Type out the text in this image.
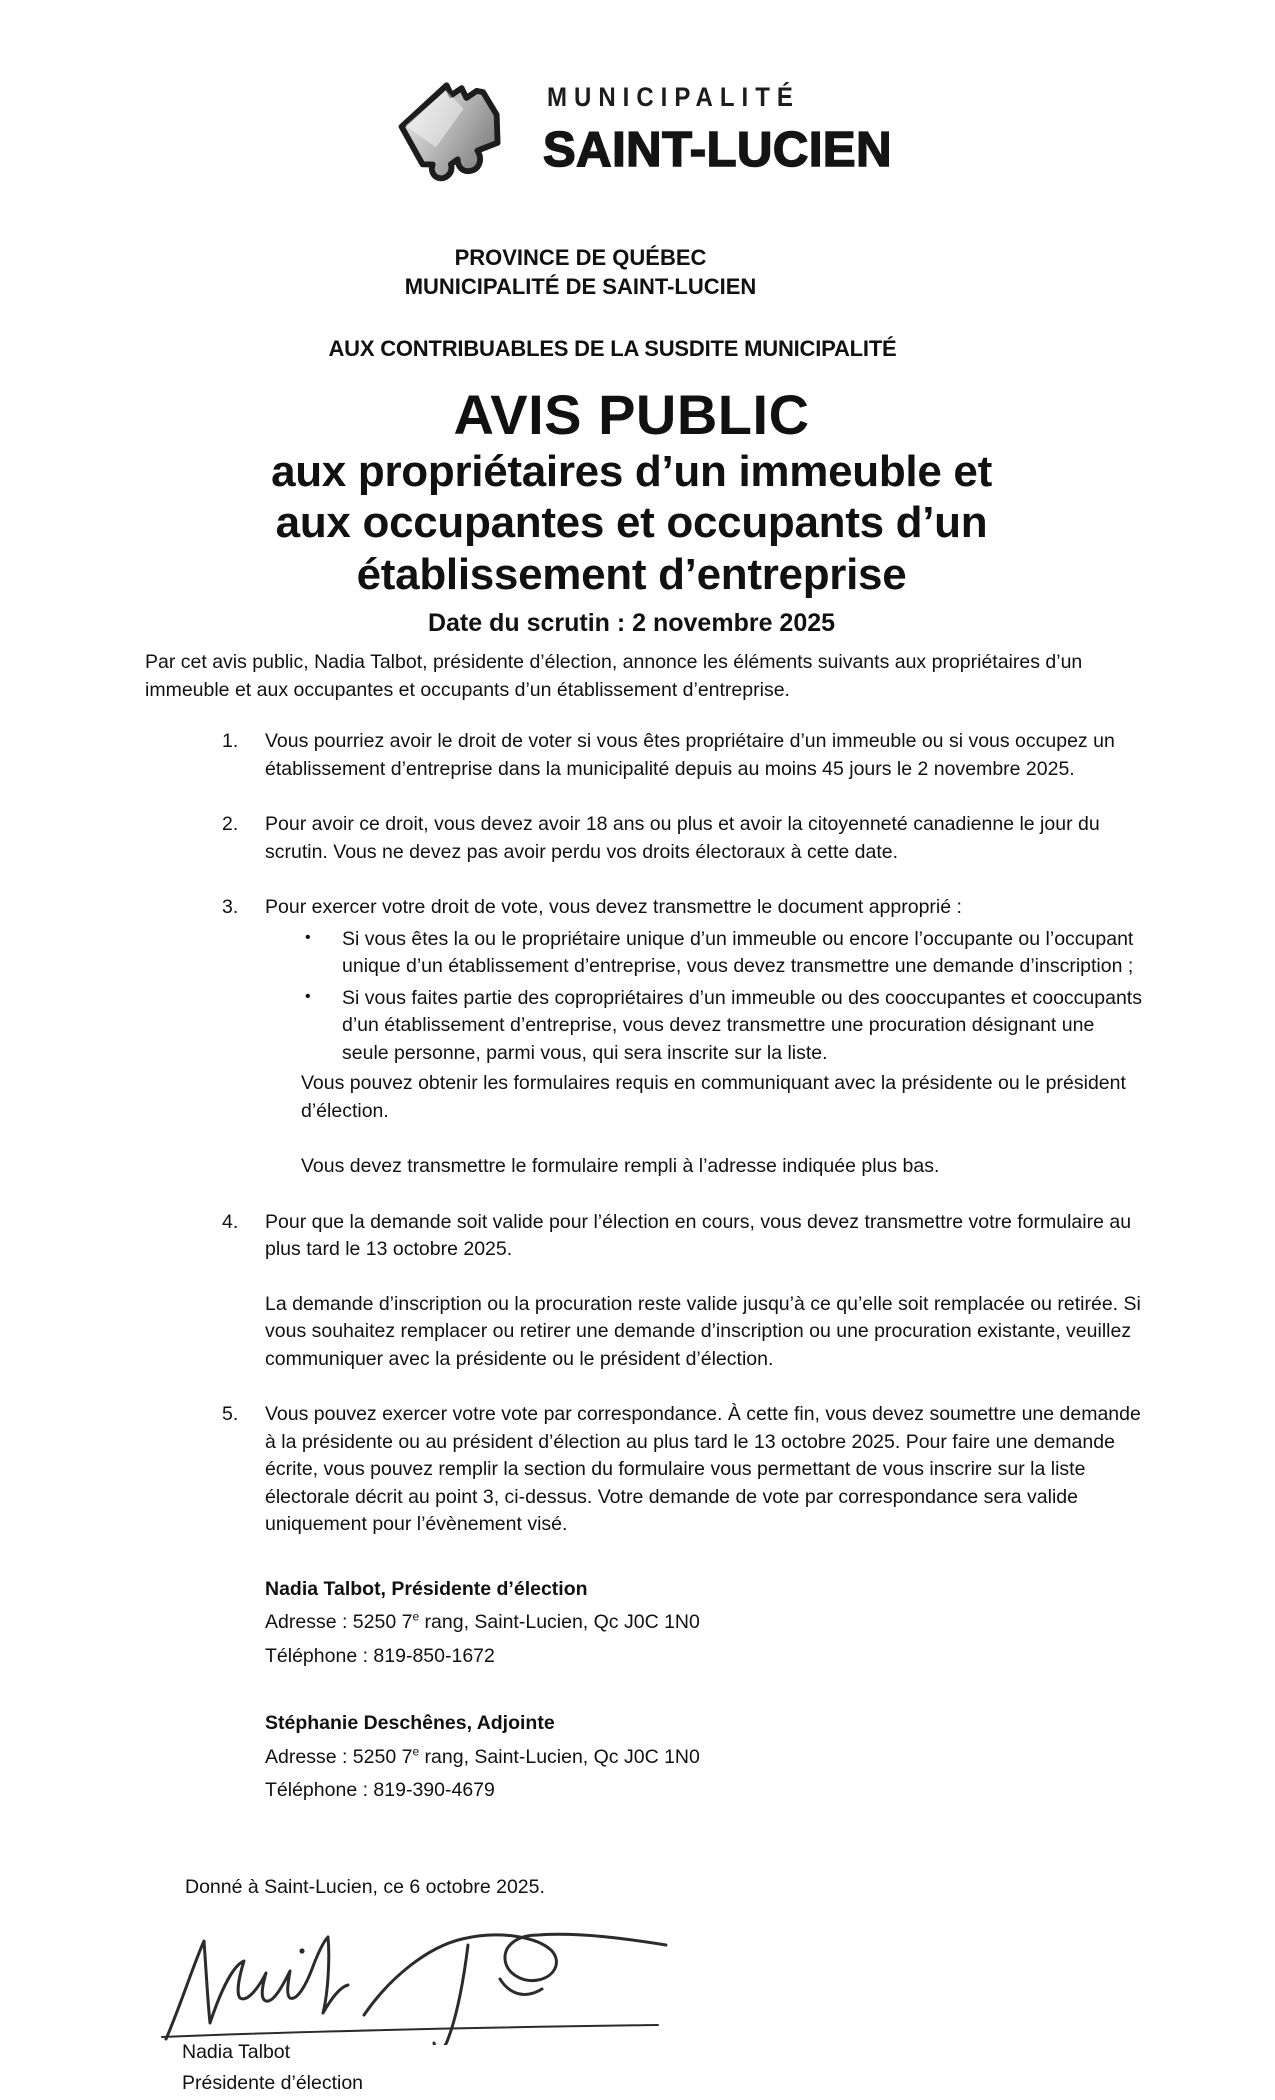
MUNICIPALITÉ
SAINT-LUCIEN
PROVINCE DE QUÉBEC
MUNICIPALITÉ DE SAINT-LUCIEN
AUX CONTRIBUABLES DE LA SUSDITE MUNICIPALITÉ
AVIS PUBLIC
aux propriétaires d’un immeuble et
aux occupantes et occupants d’un
établissement d’entreprise
Date du scrutin : 2 novembre 2025

Par cet avis public, Nadia Talbot, présidente d’élection, annonce les éléments suivants aux propriétaires d’un immeuble et aux occupantes et occupants d’un établissement d’entreprise.

1.	Vous pourriez avoir le droit de voter si vous êtes propriétaire d’un immeuble ou si vous occupez un établissement d’entreprise dans la municipalité depuis au moins 45 jours le 2 novembre 2025.
2.	Pour avoir ce droit, vous devez avoir 18 ans ou plus et avoir la citoyenneté canadienne le jour du scrutin. Vous ne devez pas avoir perdu vos droits électoraux à cette date.
3.	Pour exercer votre droit de vote, vous devez transmettre le document approprié :
•	Si vous êtes la ou le propriétaire unique d’un immeuble ou encore l’occupante ou l’occupant unique d’un établissement d’entreprise, vous devez transmettre une demande d’inscription ;
•	Si vous faites partie des copropriétaires d’un immeuble ou des cooccupantes et cooccupants d’un établissement d’entreprise, vous devez transmettre une procuration désignant une seule personne, parmi vous, qui sera inscrite sur la liste.
Vous pouvez obtenir les formulaires requis en communiquant avec la présidente ou le président d’élection.
Vous devez transmettre le formulaire rempli à l’adresse indiquée plus bas.
4.	Pour que la demande soit valide pour l’élection en cours, vous devez transmettre votre formulaire au plus tard le 13 octobre 2025.
La demande d’inscription ou la procuration reste valide jusqu’à ce qu’elle soit remplacée ou retirée. Si vous souhaitez remplacer ou retirer une demande d’inscription ou une procuration existante, veuillez communiquer avec la présidente ou le président d’élection.
5.	Vous pouvez exercer votre vote par correspondance. À cette fin, vous devez soumettre une demande à la présidente ou au président d’élection au plus tard le 13 octobre 2025. Pour faire une demande écrite, vous pouvez remplir la section du formulaire vous permettant de vous inscrire sur la liste électorale décrit au point 3, ci-dessus. Votre demande de vote par correspondance sera valide uniquement pour l’évènement visé.
Nadia Talbot, Présidente d’élection
Adresse : 5250 7e rang, Saint-Lucien, Qc J0C 1N0
Téléphone : 819-850-1672
Stéphanie Deschênes, Adjointe
Adresse : 5250 7e rang, Saint-Lucien, Qc J0C 1N0
Téléphone : 819-390-4679
Donné à Saint-Lucien, ce 6 octobre 2025.
Nadia Talbot
Présidente d’élection
